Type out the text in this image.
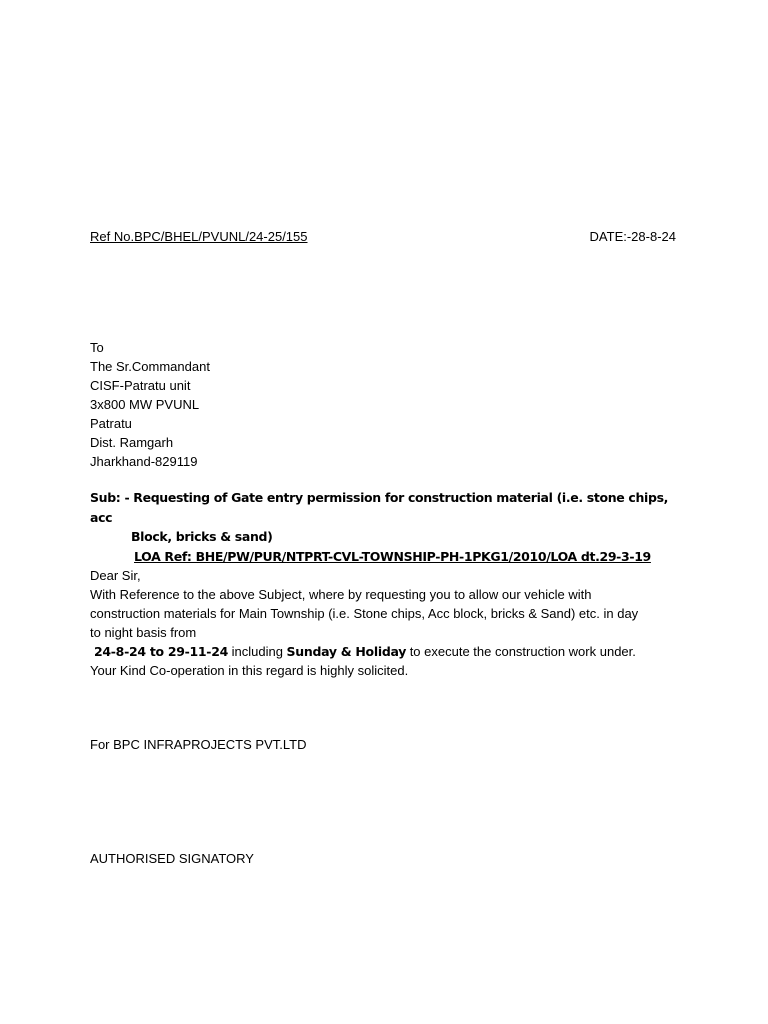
Ref No.BPC/BHEL/PVUNL/24-25/155	DATE:-28-8-24
To
The Sr.Commandant
CISF-Patratu unit
3x800 MW PVUNL
Patratu
Dist. Ramgarh
Jharkhand-829119
Sub: - Requesting of Gate entry permission for construction material (i.e. stone chips, acc
Block, bricks & sand)
LOA Ref: BHE/PW/PUR/NTPRT-CVL-TOWNSHIP-PH-1PKG1/2010/LOA dt.29-3-19
Dear Sir,
With Reference to the above Subject, where by requesting you to allow our vehicle with
construction materials for Main Township (i.e. Stone chips, Acc block, bricks & Sand) etc. in day
to night basis from
24-8-24 to 29-11-24 including Sunday & Holiday to execute the construction work under.
Your Kind Co-operation in this regard is highly solicited.
For BPC INFRAPROJECTS PVT.LTD
AUTHORISED SIGNATORY
